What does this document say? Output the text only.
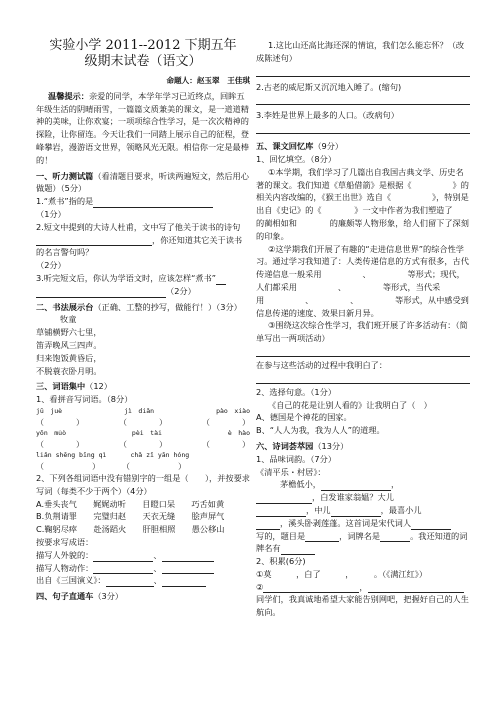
实验小学 2011--2012 下期五年
级期末试卷（语文）
命题人：赵玉翠　王佳琪

温馨提示：亲爱的同学，本学年学习已近终点，回眸五年级生活的阴晴雨雪，一篇篇文质兼美的课文，是一道道精神的美味，让你欢宴；一项项综合性学习，是一次次精神的探险，让你留连。今天让我们一同踏上展示自己的征程，登峰攀岩，漫游语文世界，领略风光无限。相信你一定是最棒的！

一、听力测试篇（看清题目要求，听读两遍短文，然后用心做题）（5分）
1.“煮书”指的是
（1分）
2.短文中提到的大诗人杜甫，文中写了他关于读书的诗句
，你还知道其它关于读书的名言警句吗？
（2分）
3.听完短文后，你认为学语文时，应该怎样“煮书”
（2分）
二、书法展示台（正确、工整的抄写，做能行！）（3分）
牧童
草铺横野六七里，
笛弄晚风三四声。
归来饱饭黄昏后，
不脱蓑衣卧月明。
三、词语集中（12）
1、看拼音写词语。（8分）
jū　juè	jì　diǎn	pào　xiào
（　　　　）	（　　　　）	（　　　　）
yōn　mu̇ò	pèi　tài	è　hào
（　　　　）	（　　　　）	（　　　　）
liǎn shēng bīng qì	chǎ zǐ yān hóng
（　　　　　　）	（　　　　　　）
2、下列各组词语中没有错别字的一组是（　　），并按要求写词（每类不少于两个）（4分）
A.垂头丧气　　娓娓动听　　目瞪口呆　　巧舌如黄
B.负荆请罪　　完璧归赵　　天衣无缝　　脍声屏气
C.鞠躬尽瘁　　赴汤蹈火　　肝胆相照　　愚公移山
按要求写成语：
描写人外貌的：	、
描写人物动作：	、
出自《三国演义》：	、
四、句子直通车（3分）
1.这比山还高比海还深的情谊，我们怎么能忘怀？（改成陈述句）
2.古老的威尼斯又沉沉地入睡了。(缩句)
3.李姓是世界上最多的人口。（改病句）
五、课文回忆库（9分）
1、回忆填空。（8分）
①本学期，我们学习了几篇出自我国古典文学、历史名著的课文。我们知道《草船借箭》是根据《　　　　　》的相关内容改编的，《猴王出世》选自《　　　　　》，特别是出自《史记》的《　　　　》一文中作者为我们塑造了　　的蔺相如和　　　　的廉颇等人物形象，给人们留下了深刻的印象。
②这学期我们开展了有趣的“走进信息世界”的综合性学习。通过学习我知道了：人类传递信息的方式有很多，古代传递信息一般采用　　　　　、　　　　　等形式；现代，人们都采用　　　　　、　　　　　等形式，当代采用　　　　　、　　　　　、　　　　　等形式，从中感受到信息传递的速度、效果日新月异。
③围绕这次综合性学习，我们班开展了许多活动有：（简单写出一两项活动）
在参与这些活动的过程中我明白了：
2、选择句意。（1分）
《自己的花是让别人看的》让我明白了（　）
A、德国是个神花的国家。
B、“人人为我，我为人人”的道理。
六、诗词荟萃园（13分）
1、品味词韵。（7分）
《清平乐・村居》：
茅檐低小，	，
，白发谁家翁媪？大儿
，中儿	，最喜小儿
，溪头卧剥莲蓬。这首词是宋代词人
写的，题目是	，词牌名是	。我还知道的词牌名有
2、积累(6分)
①莫　　　，白了　　　，　　　。（《满江红》）
②	，
同学们，我真诚地希望大家能告别网吧，把握好自己的人生航向。
